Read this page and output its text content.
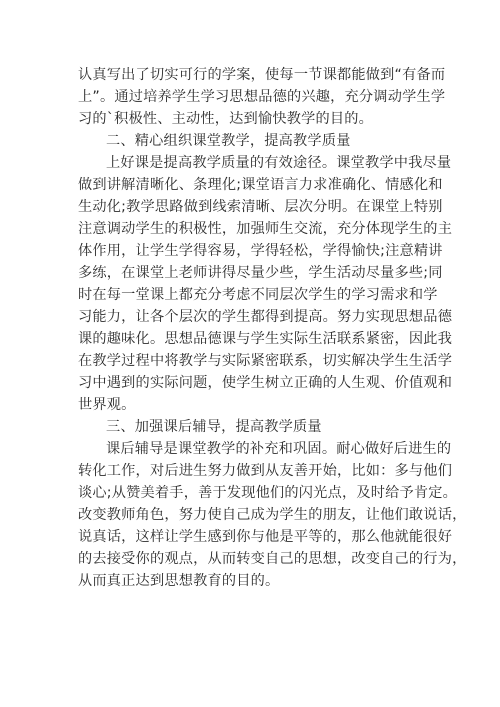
认真写出了切实可行的学案，使每一节课都能做到“有备而

上”。通过培养学生学习思想品德的兴趣，充分调动学生学

习的`积极性、主动性，达到愉快教学的目的。

二、精心组织课堂教学，提高教学质量

上好课是提高教学质量的有效途径。课堂教学中我尽量

做到讲解清晰化、条理化;课堂语言力求准确化、情感化和

生动化;教学思路做到线索清晰、层次分明。在课堂上特别

注意调动学生的积极性，加强师生交流，充分体现学生的主

体作用，让学生学得容易，学得轻松，学得愉快;注意精讲

多练，在课堂上老师讲得尽量少些，学生活动尽量多些;同

时在每一堂课上都充分考虑不同层次学生的学习需求和学

习能力，让各个层次的学生都得到提高。努力实现思想品德

课的趣味化。思想品德课与学生实际生活联系紧密，因此我

在教学过程中将教学与实际紧密联系，切实解决学生生活学

习中遇到的实际问题，使学生树立正确的人生观、价值观和

世界观。

三、加强课后辅导，提高教学质量

课后辅导是课堂教学的补充和巩固。耐心做好后进生的

转化工作，对后进生努力做到从友善开始，比如：多与他们

谈心;从赞美着手，善于发现他们的闪光点，及时给予肯定。

改变教师角色，努力使自己成为学生的朋友，让他们敢说话，

说真话，这样让学生感到你与他是平等的，那么他就能很好

的去接受你的观点，从而转变自己的思想，改变自己的行为，

从而真正达到思想教育的目的。
